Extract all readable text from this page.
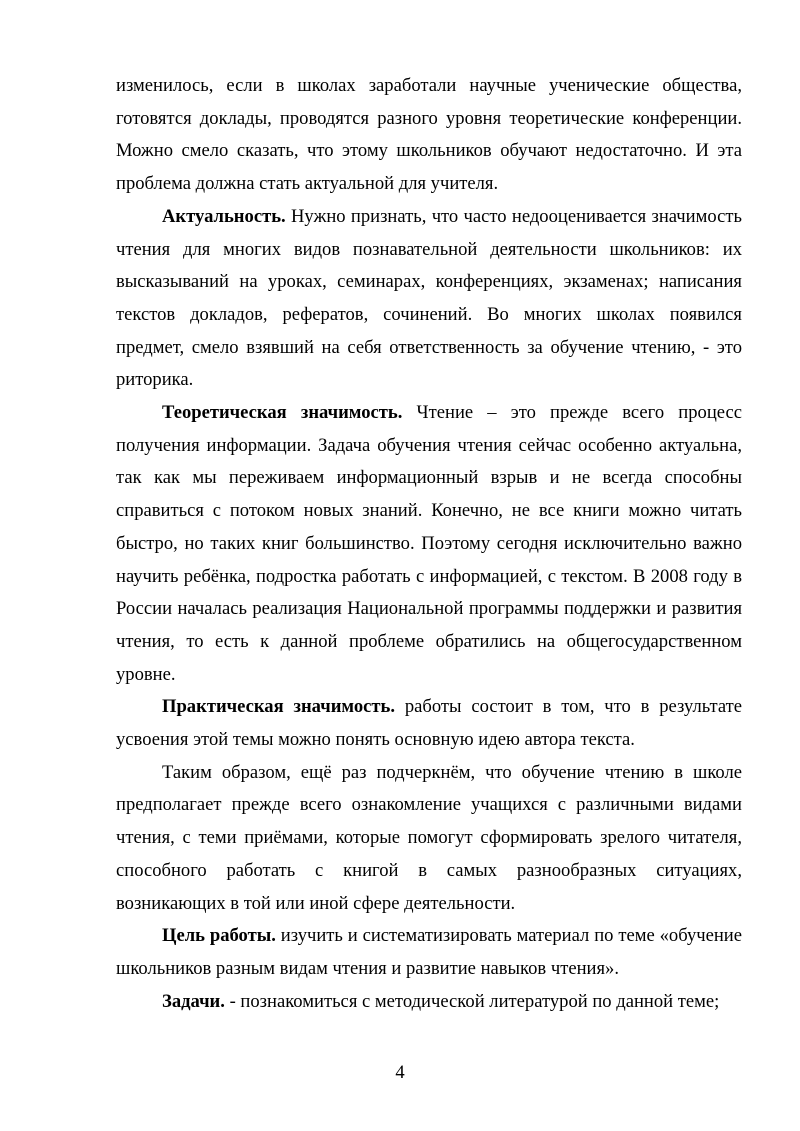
изменилось, если в школах заработали научные ученические общества, готовятся доклады, проводятся разного уровня теоретические конференции. Можно смело сказать, что этому школьников обучают недостаточно. И эта проблема должна стать актуальной для учителя.

Актуальность. Нужно признать, что часто недооценивается значимость чтения для многих видов познавательной деятельности школьников: их высказываний на уроках, семинарах, конференциях, экзаменах; написания текстов докладов, рефератов, сочинений. Во многих школах появился предмет, смело взявший на себя ответственность за обучение чтению, - это риторика.

Теоретическая значимость. Чтение – это прежде всего процесс получения информации. Задача обучения чтения сейчас особенно актуальна, так как мы переживаем информационный взрыв и не всегда способны справиться с потоком новых знаний. Конечно, не все книги можно читать быстро, но таких книг большинство. Поэтому сегодня исключительно важно научить ребёнка, подростка работать с информацией, с текстом. В 2008 году в России началась реализация Национальной программы поддержки и развития чтения, то есть к данной проблеме обратились на общегосударственном уровне.

Практическая значимость. работы состоит в том, что в результате усвоения этой темы можно понять основную идею автора текста.

Таким образом, ещё раз подчеркнём, что обучение чтению в школе предполагает прежде всего ознакомление учащихся с различными видами чтения, с теми приёмами, которые помогут сформировать зрелого читателя, способного работать с книгой в самых разнообразных ситуациях, возникающих в той или иной сфере деятельности.

Цель работы. изучить и систематизировать материал по теме «обучение школьников разным видам чтения и развитие навыков чтения».

Задачи. - познакомиться с методической литературой по данной теме;

4
